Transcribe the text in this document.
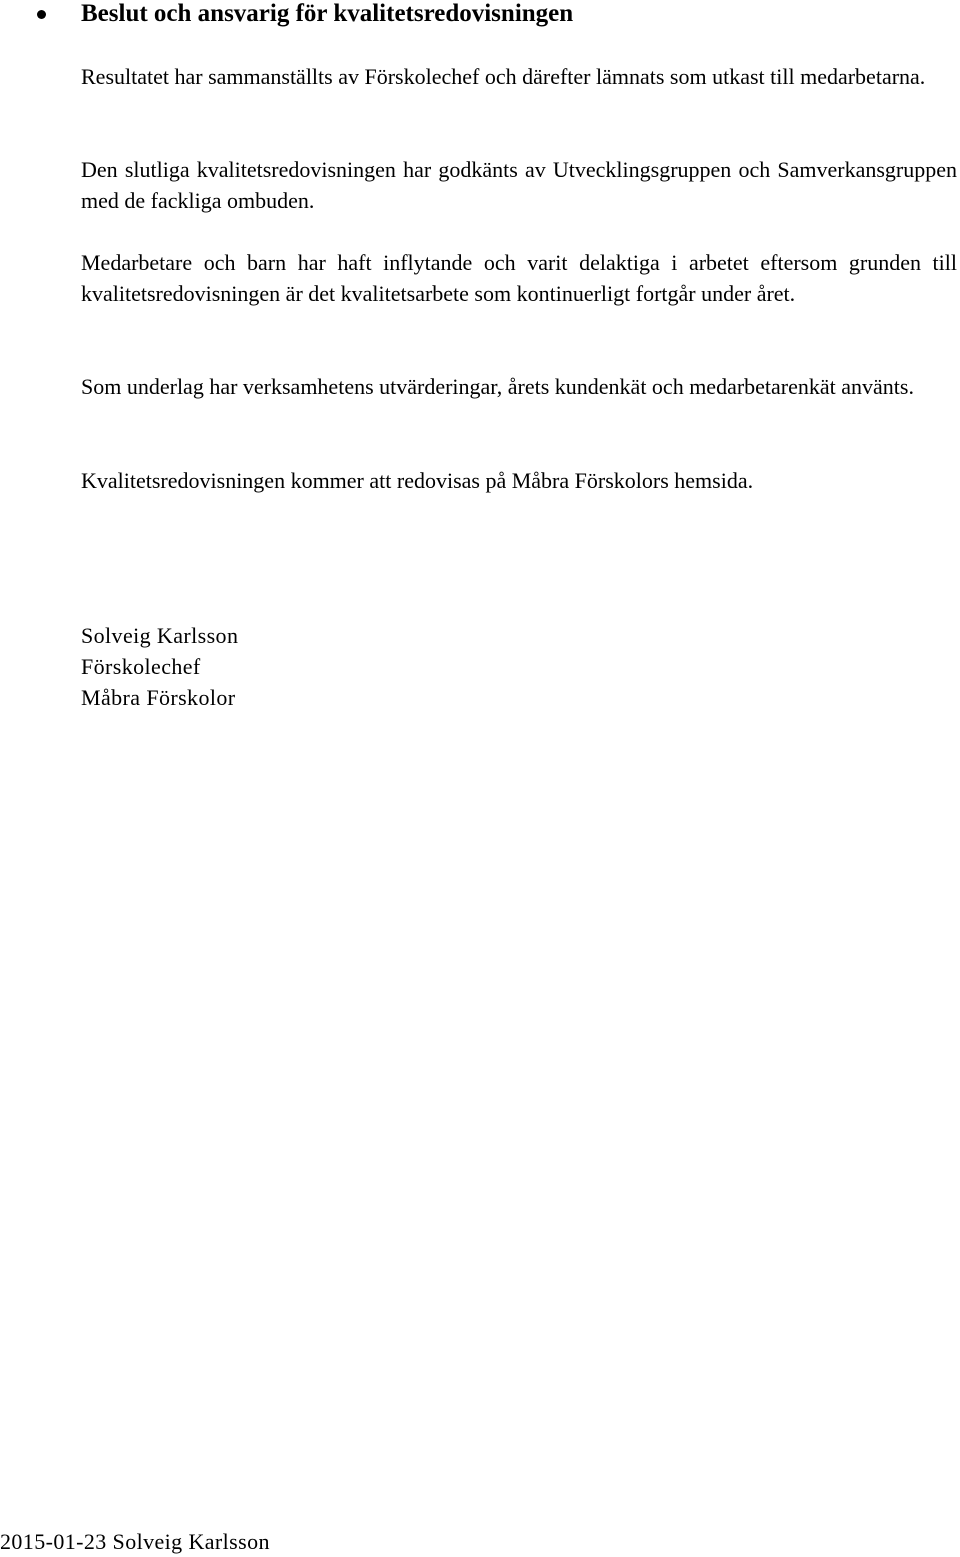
Beslut och ansvarig för kvalitetsredovisningen

Resultatet har sammanställts av Förskolechef och därefter lämnats som utkast till medarbetarna.

Den slutliga kvalitetsredovisningen har godkänts av Utvecklingsgruppen och Samverkansgruppen med de fackliga ombuden.

Medarbetare och barn har haft inflytande och varit delaktiga i arbetet eftersom grunden till kvalitetsredovisningen är det kvalitetsarbete som kontinuerligt fortgår under året.

Som underlag har verksamhetens utvärderingar, årets kundenkät och medarbetarenkät använts.

Kvalitetsredovisningen kommer att redovisas på Måbra Förskolors hemsida.

Solveig Karlsson
Förskolechef
Måbra Förskolor
2015-01-23 Solveig Karlsson
